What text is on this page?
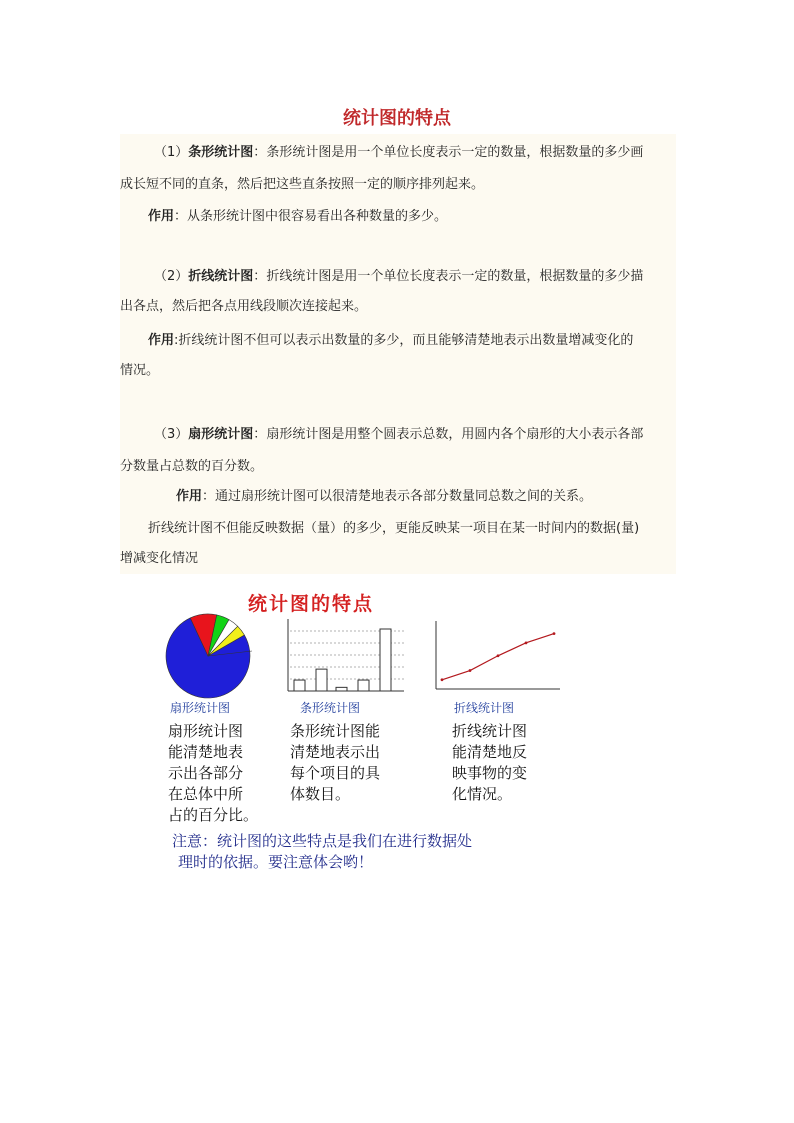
统计图的特点
（1）条形统计图：条形统计图是用一个单位长度表示一定的数量，根据数量的多少画
成长短不同的直条，然后把这些直条按照一定的顺序排列起来。
作用：从条形统计图中很容易看出各种数量的多少。
（2）折线统计图：折线统计图是用一个单位长度表示一定的数量，根据数量的多少描
出各点，然后把各点用线段顺次连接起来。
作用:折线统计图不但可以表示出数量的多少，而且能够清楚地表示出数量增减变化的
情况。
（3）扇形统计图：扇形统计图是用整个圆表示总数，用圆内各个扇形的大小表示各部
分数量占总数的百分数。
作用：通过扇形统计图可以很清楚地表示各部分数量同总数之间的关系。
折线统计图不但能反映数据（量）的多少，更能反映某一项目在某一时间内的数据(量)
增减变化情况
统计图的特点
扇形统计图	条形统计图	折线统计图
扇形统计图
能清楚地表
示出各部分
在总体中所
占的百分比。
条形统计图能
清楚地表示出
每个项目的具
体数目。
折线统计图
能清楚地反
映事物的变
化情况。
注意：统计图的这些特点是我们在进行数据处
理时的依据。要注意体会哟！
